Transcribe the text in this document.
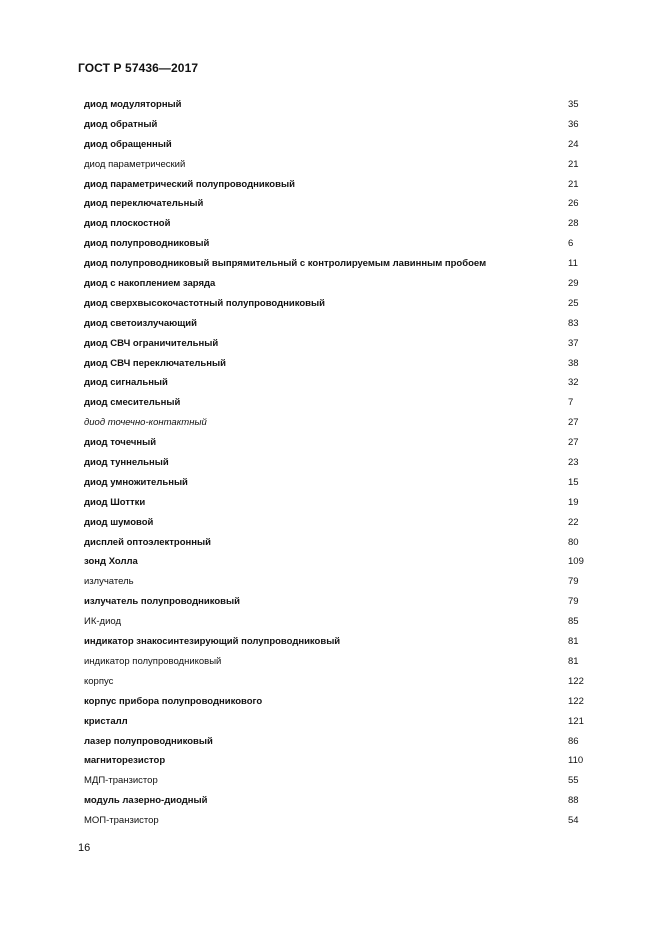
ГОСТ Р 57436—2017
диод модуляторный	35
диод обратный	36
диод обращенный	24
диод параметрический	21
диод параметрический полупроводниковый	21
диод переключательный	26
диод плоскостной	28
диод полупроводниковый	6
диод полупроводниковый выпрямительный с контролируемым лавинным пробоем	11
диод с накоплением заряда	29
диод сверхвысокочастотный полупроводниковый	25
диод светоизлучающий	83
диод СВЧ ограничительный	37
диод СВЧ переключательный	38
диод сигнальный	32
диод смесительный	7
диод точечно-контактный	27
диод точечный	27
диод туннельный	23
диод умножительный	15
диод Шоттки	19
диод шумовой	22
дисплей оптоэлектронный	80
зонд Холла	109
излучатель	79
излучатель полупроводниковый	79
ИК-диод	85
индикатор знакосинтезирующий полупроводниковый	81
индикатор полупроводниковый	81
корпус	122
корпус прибора полупроводникового	122
кристалл	121
лазер полупроводниковый	86
магниторезистор	110
МДП-транзистор	55
модуль лазерно-диодный	88
МОП-транзистор	54
16
